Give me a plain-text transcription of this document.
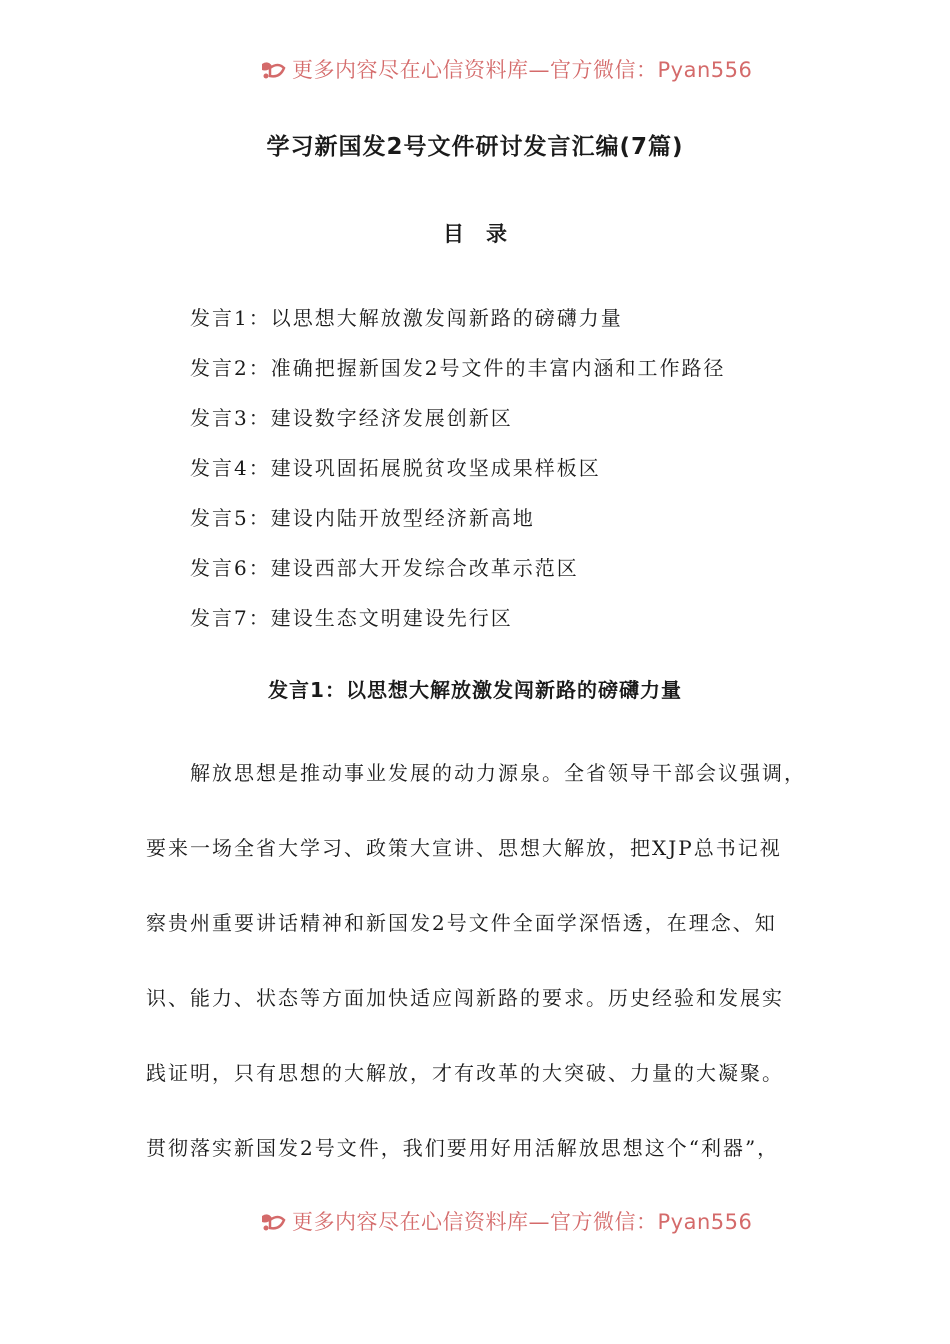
更多内容尽在心信资料库—官方微信：Pyan556
学习新国发2号文件研讨发言汇编(7篇)
目录
发言1：以思想大解放激发闯新路的磅礴力量
发言2：准确把握新国发2号文件的丰富内涵和工作路径
发言3：建设数字经济发展创新区
发言4：建设巩固拓展脱贫攻坚成果样板区
发言5：建设内陆开放型经济新高地
发言6：建设西部大开发综合改革示范区
发言7：建设生态文明建设先行区
发言1：以思想大解放激发闯新路的磅礴力量
解放思想是推动事业发展的动力源泉。全省领导干部会议强调，
要来一场全省大学习、政策大宣讲、思想大解放，把XJP总书记视
察贵州重要讲话精神和新国发2号文件全面学深悟透，在理念、知
识、能力、状态等方面加快适应闯新路的要求。历史经验和发展实
践证明，只有思想的大解放，才有改革的大突破、力量的大凝聚。
贯彻落实新国发2号文件，我们要用好用活解放思想这个“利器”，
更多内容尽在心信资料库—官方微信：Pyan556
